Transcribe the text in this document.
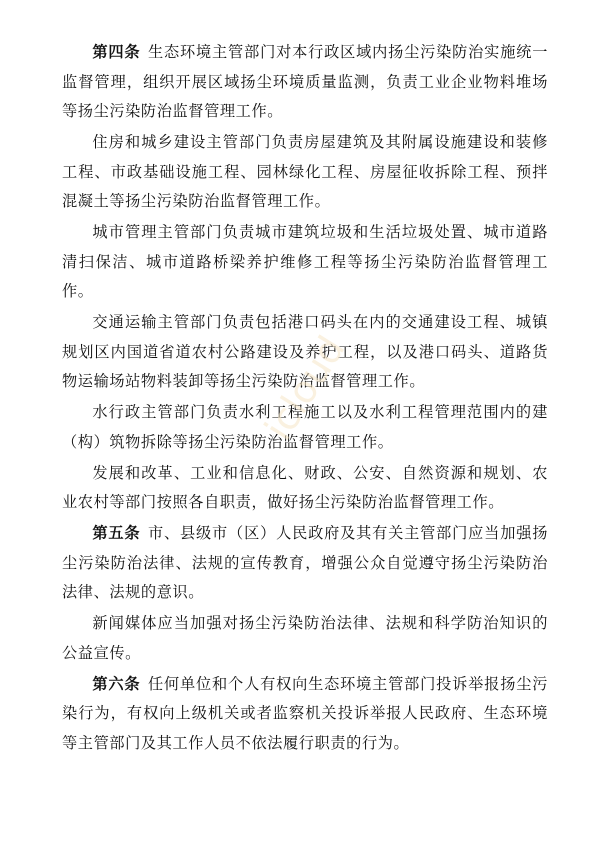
第四条 生态环境主管部门对本行政区域内扬尘污染防治实施统一监督管理，组织开展区域扬尘环境质量监测，负责工业企业物料堆场等扬尘污染防治监督管理工作。

住房和城乡建设主管部门负责房屋建筑及其附属设施建设和装修工程、市政基础设施工程、园林绿化工程、房屋征收拆除工程、预拌混凝土等扬尘污染防治监督管理工作。

城市管理主管部门负责城市建筑垃圾和生活垃圾处置、城市道路清扫保洁、城市道路桥梁养护维修工程等扬尘污染防治监督管理工作。

交通运输主管部门负责包括港口码头在内的交通建设工程、城镇规划区内国道省道农村公路建设及养护工程，以及港口码头、道路货物运输场站物料装卸等扬尘污染防治监督管理工作。

水行政主管部门负责水利工程施工以及水利工程管理范围内的建（构）筑物拆除等扬尘污染防治监督管理工作。

发展和改革、工业和信息化、财政、公安、自然资源和规划、农业农村等部门按照各自职责，做好扬尘污染防治监督管理工作。

第五条 市、县级市（区）人民政府及其有关主管部门应当加强扬尘污染防治法律、法规的宣传教育，增强公众自觉遵守扬尘污染防治法律、法规的意识。

新闻媒体应当加强对扬尘污染防治法律、法规和科学防治知识的公益宣传。

第六条 任何单位和个人有权向生态环境主管部门投诉举报扬尘污染行为，有权向上级机关或者监察机关投诉举报人民政府、生态环境等主管部门及其工作人员不依法履行职责的行为。

icloud
